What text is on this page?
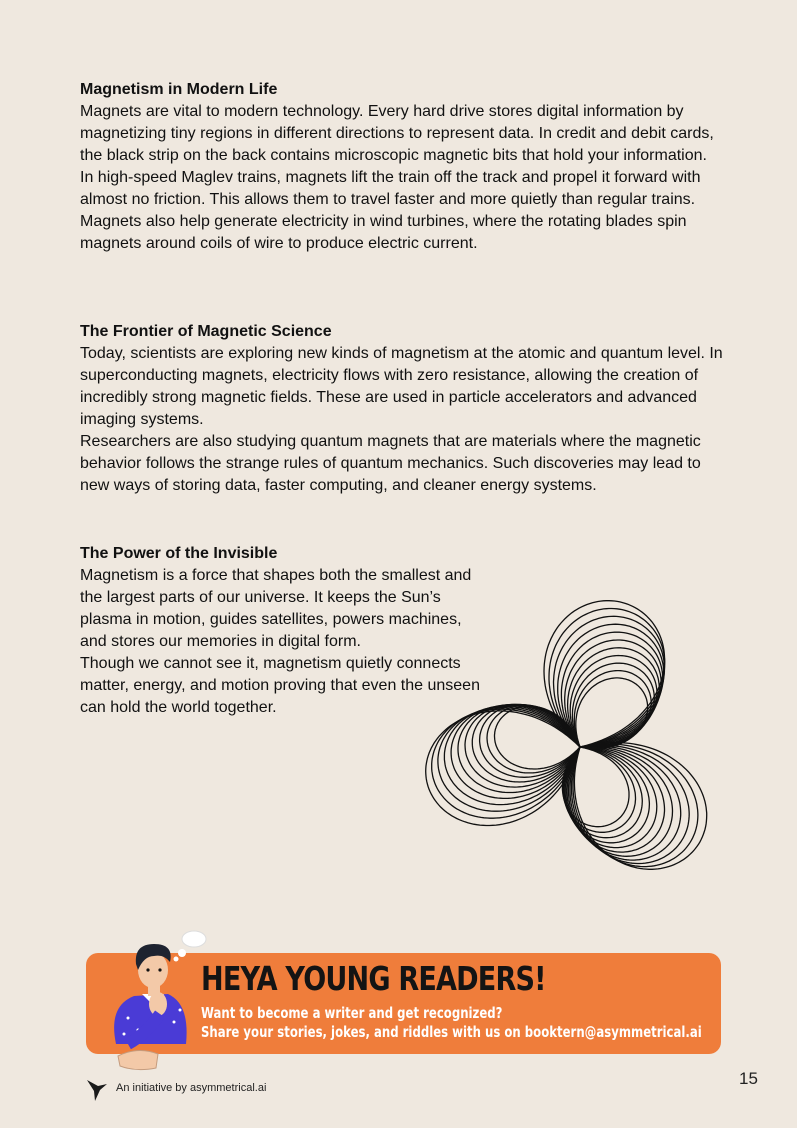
Magnetism in Modern Life

Magnets are vital to modern technology. Every hard drive stores digital information by magnetizing tiny regions in different directions to represent data. In credit and debit cards, the black strip on the back contains microscopic magnetic bits that hold your information.

In high-speed Maglev trains, magnets lift the train off the track and propel it forward with almost no friction. This allows them to travel faster and more quietly than regular trains.

Magnets also help generate electricity in wind turbines, where the rotating blades spin magnets around coils of wire to produce electric current.

The Frontier of Magnetic Science

Today, scientists are exploring new kinds of magnetism at the atomic and quantum level. In superconducting magnets, electricity flows with zero resistance, allowing the creation of incredibly strong magnetic fields. These are used in particle accelerators and advanced imaging systems.

Researchers are also studying quantum magnets that are materials where the magnetic behavior follows the strange rules of quantum mechanics. Such discoveries may lead to new ways of storing data, faster computing, and cleaner energy systems.

The Power of the Invisible

Magnetism is a force that shapes both the smallest and the largest parts of our universe. It keeps the Sun’s plasma in motion, guides satellites, powers machines, and stores our memories in digital form.

Though we cannot see it, magnetism quietly connects matter, energy, and motion proving that even the unseen can hold the world together.

HEYA YOUNG READERS!
Want to become a writer and get recognized?
Share your stories, jokes, and riddles with us on booktern@asymmetrical.ai
An initiative by asymmetrical.ai	15
